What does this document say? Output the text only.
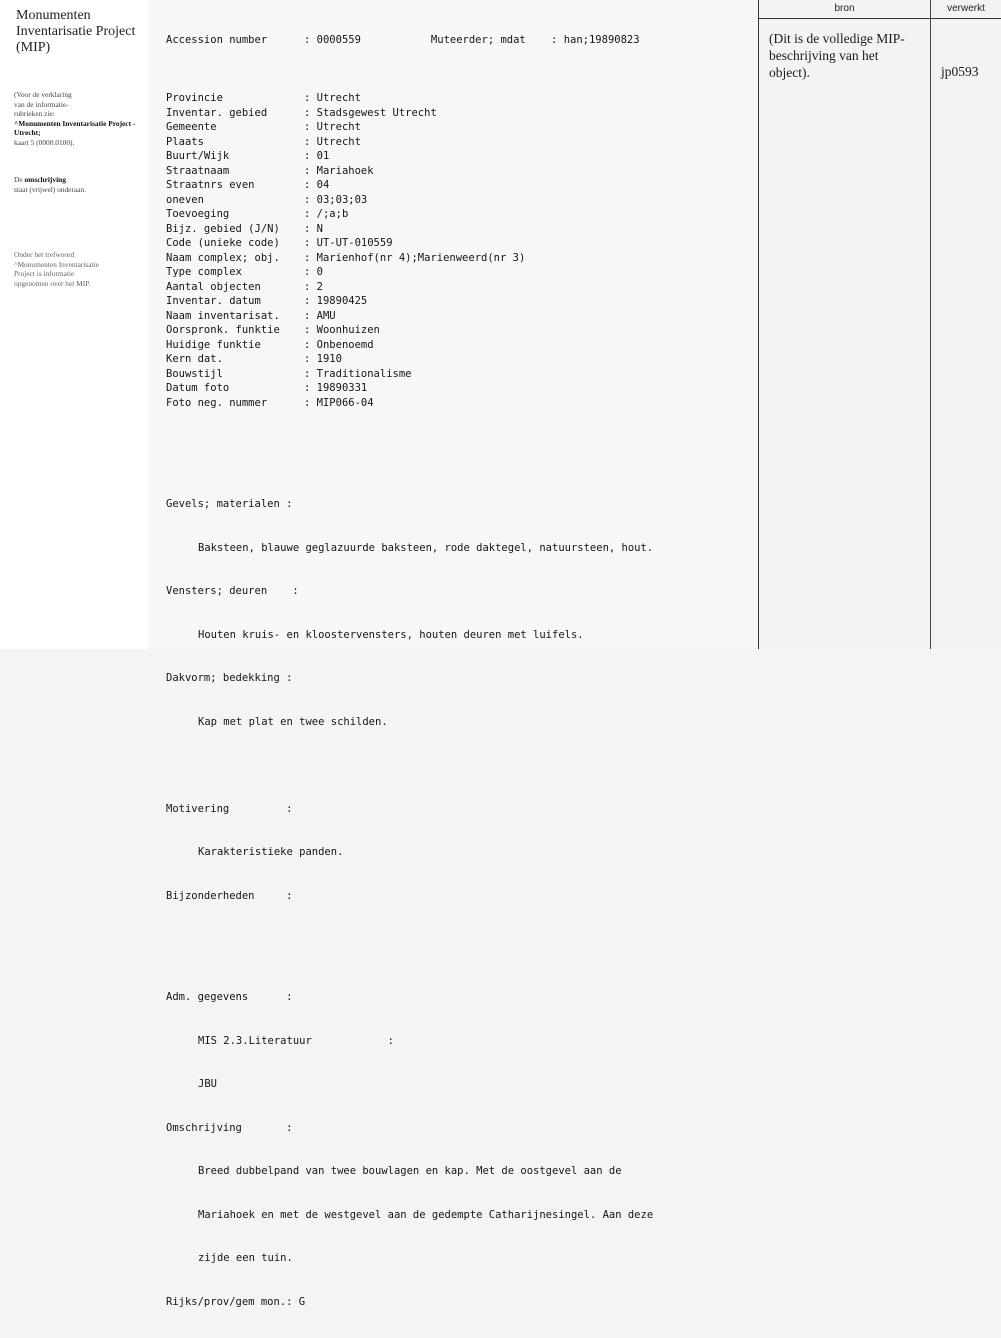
Monumenten Inventarisatie Project (MIP)

(Voor de verklaring

van de informatie-

rubrieken zie:

^Monumenten Inventarisatie Project - Utrecht;

kaart 5 (0000.0100).

De omschrijving

staat (vrijwel) onderaan.

Onder het trefwoord

^Monumenten Inventarisatie

Project is informatie

opgenomen over het MIP.

Accession number	: 0000559	Muteerder; mdat    : han;19890823

Provincie	: Utrecht
Inventar. gebied	: Stadsgewest Utrecht
Gemeente	: Utrecht
Plaats	: Utrecht
Buurt/Wijk	: 01
Straatnaam	: Mariahoek
Straatnrs even	: 04
oneven	: 03;03;03
Toevoeging	: /;a;b
Bijz. gebied (J/N) : N
Code (unieke code) : UT-UT-010559
Naam complex; obj. : Marienhof(nr 4);Marienweerd(nr 3)
Type complex	: 0
Aantal objecten	: 2
Inventar. datum	: 19890425
Naam inventarisat. : AMU
Oorspronk. funktie : Woonhuizen
Huidige funktie	: Onbenoemd
Kern dat.	: 1910
Bouwstijl	: Traditionalisme
Datum foto	: 19890331
Foto neg. nummer	: MIP066-04

Gevels; materialen :

Baksteen, blauwe geglazuurde baksteen, rode daktegel, natuursteen, hout.

Vensters; deuren    :

Houten kruis- en kloostervensters, houten deuren met luifels.

Dakvorm; bedekking :

Kap met plat en twee schilden.

Motivering         :

Karakteristieke panden.

Bijzonderheden     :

Adm. gegevens      :

MIS 2.3.Literatuur            :

JBU

Omschrijving       :

Breed dubbelpand van twee bouwlagen en kap. Met de oostgevel aan de

Mariahoek en met de westgevel aan de gedempte Catharijnesingel. Aan deze

zijde een tuin.

Rijks/prov/gem mon.: G

bron	verwerkt
(Dit is de volledige MIP-beschrijving van het object).	jp0593
